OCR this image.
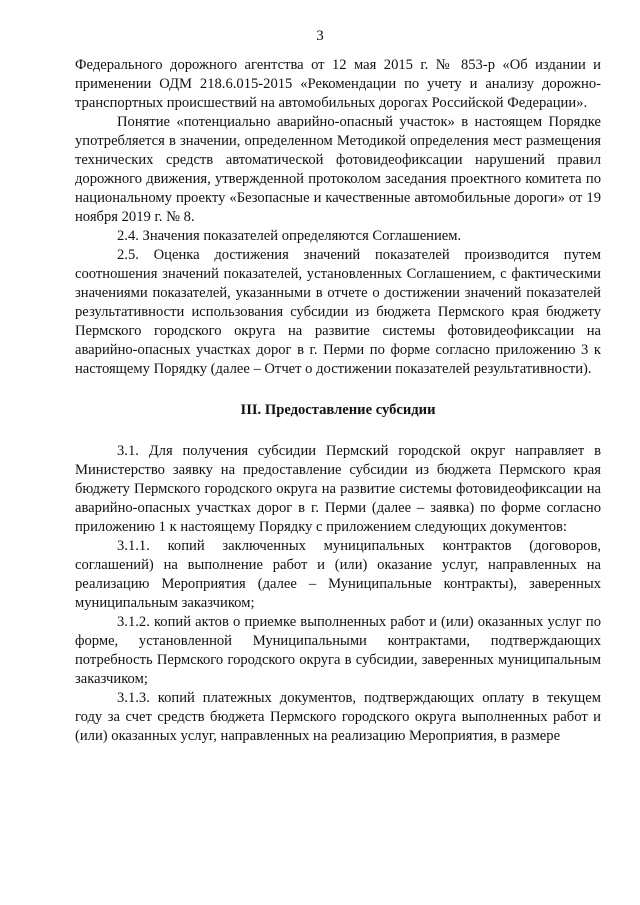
3

Федерального дорожного агентства от 12 мая 2015 г. № 853-р «Об издании и применении ОДМ 218.6.015-2015 «Рекомендации по учету и анализу дорожно-транспортных происшествий на автомобильных дорогах Российской Федерации».

Понятие «потенциально аварийно-опасный участок» в настоящем Порядке употребляется в значении, определенном Методикой определения мест размещения технических средств автоматической фотовидеофиксации нарушений правил дорожного движения, утвержденной протоколом заседания проектного комитета по национальному проекту «Безопасные и качественные автомобильные дороги» от 19 ноября 2019 г. № 8.

2.4. Значения показателей определяются Соглашением.

2.5. Оценка достижения значений показателей производится путем соотношения значений показателей, установленных Соглашением, с фактическими значениями показателей, указанными в отчете о достижении значений показателей результативности использования субсидии из бюджета Пермского края бюджету Пермского городского округа на развитие системы фотовидеофиксации на аварийно-опасных участках дорог в г. Перми по форме согласно приложению 3 к настоящему Порядку (далее – Отчет о достижении показателей результативности).

III. Предоставление субсидии

3.1. Для получения субсидии Пермский городской округ направляет в Министерство заявку на предоставление субсидии из бюджета Пермского края бюджету Пермского городского округа на развитие системы фотовидеофиксации на аварийно-опасных участках дорог в г. Перми (далее – заявка) по форме согласно приложению 1 к настоящему Порядку с приложением следующих документов:

3.1.1. копий заключенных муниципальных контрактов (договоров, соглашений) на выполнение работ и (или) оказание услуг, направленных на реализацию Мероприятия (далее – Муниципальные контракты), заверенных муниципальным заказчиком;

3.1.2. копий актов о приемке выполненных работ и (или) оказанных услуг по форме, установленной Муниципальными контрактами, подтверждающих потребность Пермского городского округа в субсидии, заверенных муниципальным заказчиком;

3.1.3. копий платежных документов, подтверждающих оплату в текущем году за счет средств бюджета Пермского городского округа выполненных работ и (или) оказанных услуг, направленных на реализацию Мероприятия, в размере
